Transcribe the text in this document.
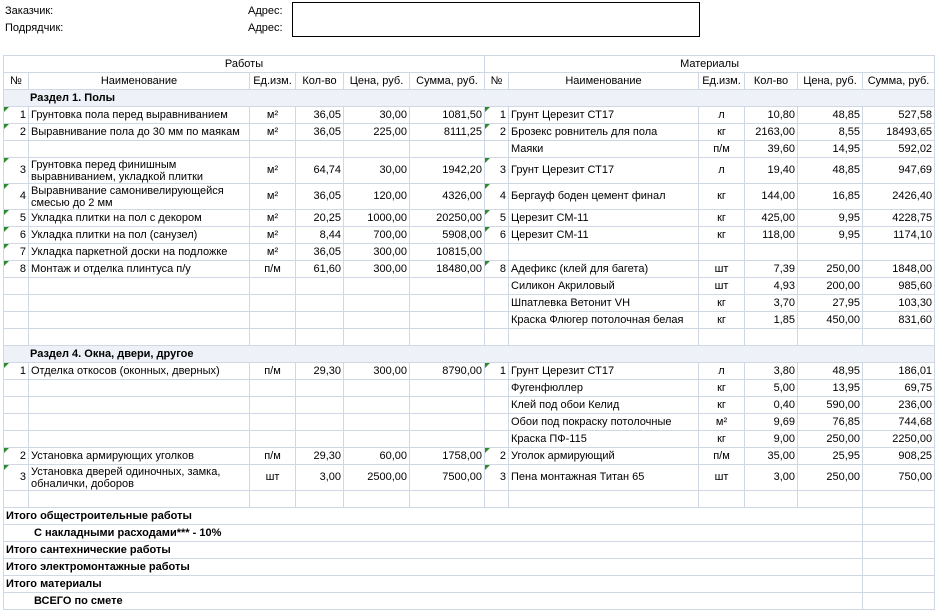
Заказчик:
Подрядчик:
Адрес:
Адрес:
Работы						Материалы					
№	Наименование	Ед.изм.	Кол-во	Цена, руб.	Сумма, руб.	№	Наименование	Ед.изм.	Кол-во	Цена, руб.	Сумма, руб.
Раздел 1. Полы											
1	Грунтовка пола перед выравниванием	м²	36,05	30,00	1081,50	1	Грунт Церезит СТ17	л	10,80	48,85	527,58
2	Выравнивание пола до 30 мм по маякам	м²	36,05	225,00	8111,25	2	Брозекс ровнитель для пола	кг	2163,00	8,55	18493,65
							Маяки	п/м	39,60	14,95	592,02
3	Грунтовка перед финишным выравниванием, укладкой плитки	м²	64,74	30,00	1942,20	3	Грунт Церезит СТ17	л	19,40	48,85	947,69
4	Выравнивание самонивелирующейся смесью до 2 мм	м²	36,05	120,00	4326,00	4	Бергауф боден цемент финал	кг	144,00	16,85	2426,40
5	Укладка плитки на пол с декором	м²	20,25	1000,00	20250,00	5	Церезит СМ-11	кг	425,00	9,95	4228,75
6	Укладка плитки на пол (санузел)	м²	8,44	700,00	5908,00	6	Церезит СМ-11	кг	118,00	9,95	1174,10
7	Укладка паркетной доски на подложке	м²	36,05	300,00	10815,00						
8	Монтаж и отделка плинтуса п/у	п/м	61,60	300,00	18480,00	8	Адефикс (клей для багета)	шт	7,39	250,00	1848,00
							Силикон Акриловый	шт	4,93	200,00	985,60
							Шпатлевка Ветонит VH	кг	3,70	27,95	103,30
							Краска Флюгер потолочная белая	кг	1,85	450,00	831,60

Раздел 4. Окна, двери, другое											
1	Отделка откосов (оконных, дверных)	п/м	29,30	300,00	8790,00	1	Грунт Церезит СТ17	л	3,80	48,95	186,01
							Фугенфюллер	кг	5,00	13,95	69,75
							Клей под обои Келид	кг	0,40	590,00	236,00
							Обои под покраску потолочные	м²	9,69	76,85	744,68
							Краска ПФ-115	кг	9,00	250,00	2250,00
2	Установка армирующих уголков	п/м	29,30	60,00	1758,00	2	Уголок армирующий	п/м	35,00	25,95	908,25
3	Установка дверей одиночных, замка, обналички, доборов	шт	3,00	2500,00	7500,00	3	Пена монтажная Титан 65	шт	3,00	250,00	750,00

Итого общестроительные работы											
С накладными расходами*** - 10%											
Итого сантехнические работы											
Итого электромонтажные работы											
Итого материалы											
ВСЕГО по смете											
